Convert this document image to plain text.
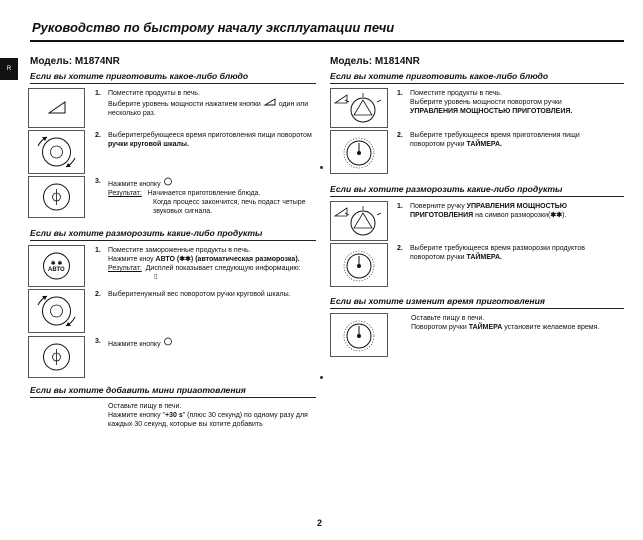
Руководство по быстрому началу эксплуатации печи
R
Модель: M1874NR
Если вы хотите приготовить какое-либо блюдо
1. Поместите продукты в печь.
Выберите уровень мощности нажатием кнопки	один или
несколько раз.
2. Выберитегребующееся время приготовления пищи поворотом
ручки круговой шкалы.
3. Нажмите кнопку
Результат: Начинается приготовление блюда.
Когда процесс закончится, печь подаст четыре
звуковых сигнала.
Если вы хотите разморозить какие-либо продукты
✱ ✱
АВТО
1. Поместите замороженные продукты в печь.
Нажмите кноу АВТО (✱✱) (автоматическая разморозка).
Результат: Дисплей показывает следующую информацию:
▯
2. Выберитенужный вес поворотом ручки круговой шкалы.
3. Нажмите кнопку
Если вы хотите добавить мини приаотовления
Оставьте пищу в печи.
Нажмите кнопку "+30 s" (плюс 30 секунд) по одному разу для
каждых 30 секунд, которые вы хотите добавить
Модель: M1814NR
Если вы хотите приготовить какое-либо блюдо
1. Поместите продукты в печь.
Выберите уровень мощности поворотом ручки
УПРАВЛЕНИЯ МОЩНОСТЬЮ ПРИГОТОВЛЕИЯ.
2. Выберите требующееся время приготовления пищи
поворотом ручки ТАЙМЕРА.
Если вы хотите разморозить какие-либо продукты
1. Поверните ручку УПРАВЛЕНИЯ МОЩНОСТЬЮ
ПРИГОТОВЛЕНИЯ на символ разморозки(✱✱).
2. Выберите требующееся время разморозки продуктов
поворотом ручки ТАЙМЕРА.
Если вы хотите изменит время приготовления
Оставьте пищу в печи.
Поворотом ручки ТАЙМЕРА установите желаемое время.
2
